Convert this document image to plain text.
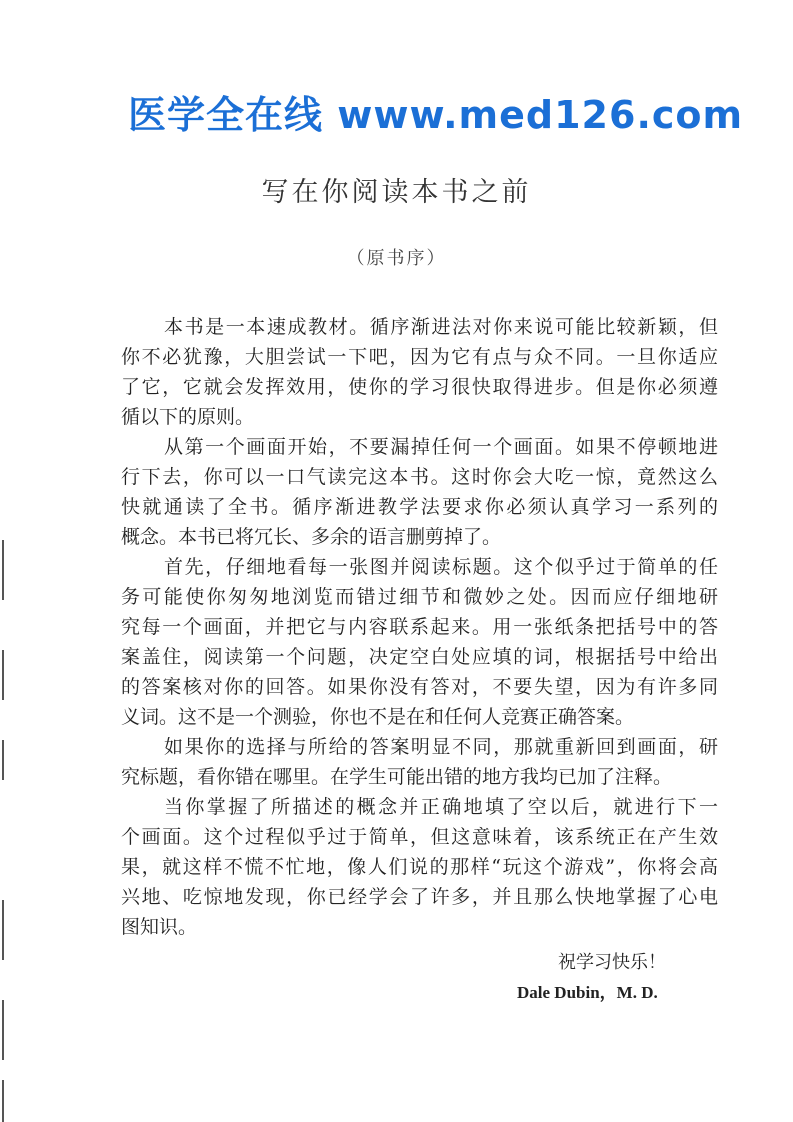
医学全在线 www.med126.com
写在你阅读本书之前
（原书序）
本书是一本速成教材。循序渐进法对你来说可能比较新颖，但
你不必犹豫，大胆尝试一下吧，因为它有点与众不同。一旦你适应
了它，它就会发挥效用，使你的学习很快取得进步。但是你必须遵
循以下的原则。
从第一个画面开始，不要漏掉任何一个画面。如果不停顿地进
行下去，你可以一口气读完这本书。这时你会大吃一惊，竟然这么
快就通读了全书。循序渐进教学法要求你必须认真学习一系列的
概念。本书已将冗长、多余的语言删剪掉了。
首先，仔细地看每一张图并阅读标题。这个似乎过于简单的任
务可能使你匆匆地浏览而错过细节和微妙之处。因而应仔细地研
究每一个画面，并把它与内容联系起来。用一张纸条把括号中的答
案盖住，阅读第一个问题，决定空白处应填的词，根据括号中给出
的答案核对你的回答。如果你没有答对，不要失望，因为有许多同
义词。这不是一个测验，你也不是在和任何人竞赛正确答案。
如果你的选择与所给的答案明显不同，那就重新回到画面，研
究标题，看你错在哪里。在学生可能出错的地方我均已加了注释。
当你掌握了所描述的概念并正确地填了空以后，就进行下一
个画面。这个过程似乎过于简单，但这意味着，该系统正在产生效
果，就这样不慌不忙地，像人们说的那样“玩这个游戏”，你将会高
兴地、吃惊地发现，你已经学会了许多，并且那么快地掌握了心电
图知识。
祝学习快乐！
Dale Dubin，M. D.
